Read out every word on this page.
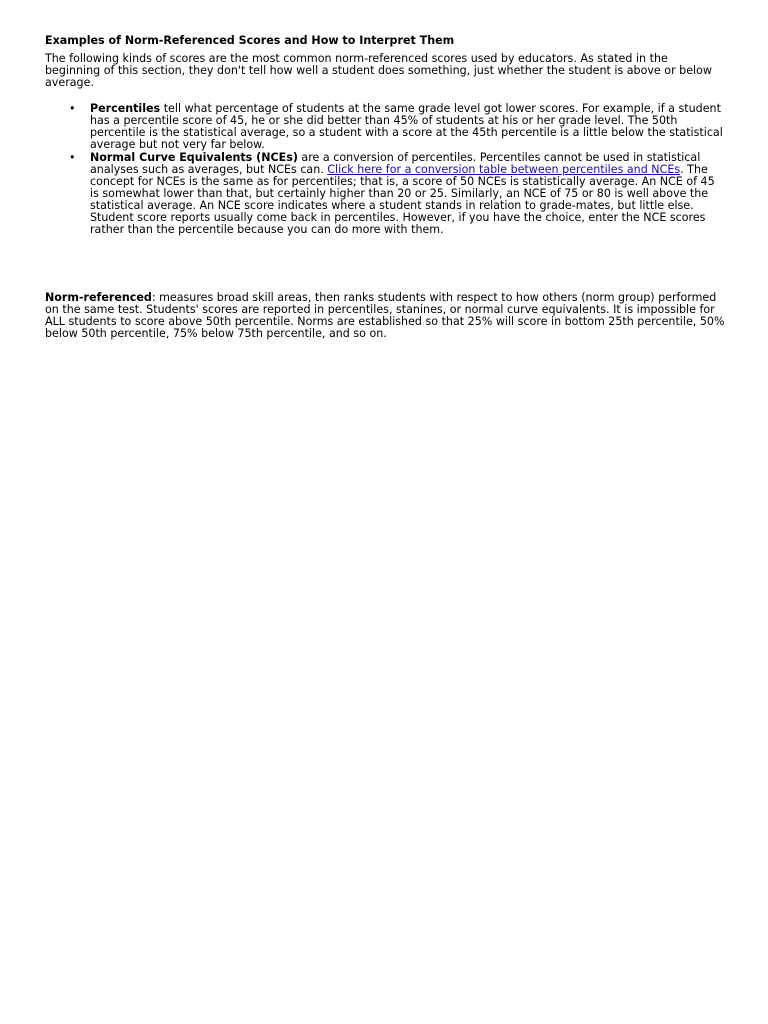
Examples of Norm-Referenced Scores and How to Interpret Them

The following kinds of scores are the most common norm-referenced scores used by educators. As stated in the beginning of this section, they don't tell how well a student does something, just whether the student is above or below average.

• Percentiles tell what percentage of students at the same grade level got lower scores. For example, if a student has a percentile score of 45, he or she did better than 45% of students at his or her grade level. The 50th percentile is the statistical average, so a student with a score at the 45th percentile is a little below the statistical average but not very far below.
• Normal Curve Equivalents (NCEs) are a conversion of percentiles. Percentiles cannot be used in statistical analyses such as averages, but NCEs can. Click here for a conversion table between percentiles and NCEs. The concept for NCEs is the same as for percentiles; that is, a score of 50 NCEs is statistically average. An NCE of 45 is somewhat lower than that, but certainly higher than 20 or 25. Similarly, an NCE of 75 or 80 is well above the statistical average. An NCE score indicates where a student stands in relation to grade-mates, but little else. Student score reports usually come back in percentiles. However, if you have the choice, enter the NCE scores rather than the percentile because you can do more with them.

Norm-referenced: measures broad skill areas, then ranks students with respect to how others (norm group) performed on the same test. Students' scores are reported in percentiles, stanines, or normal curve equivalents. It is impossible for ALL students to score above 50th percentile. Norms are established so that 25% will score in bottom 25th percentile, 50% below 50th percentile, 75% below 75th percentile, and so on.
